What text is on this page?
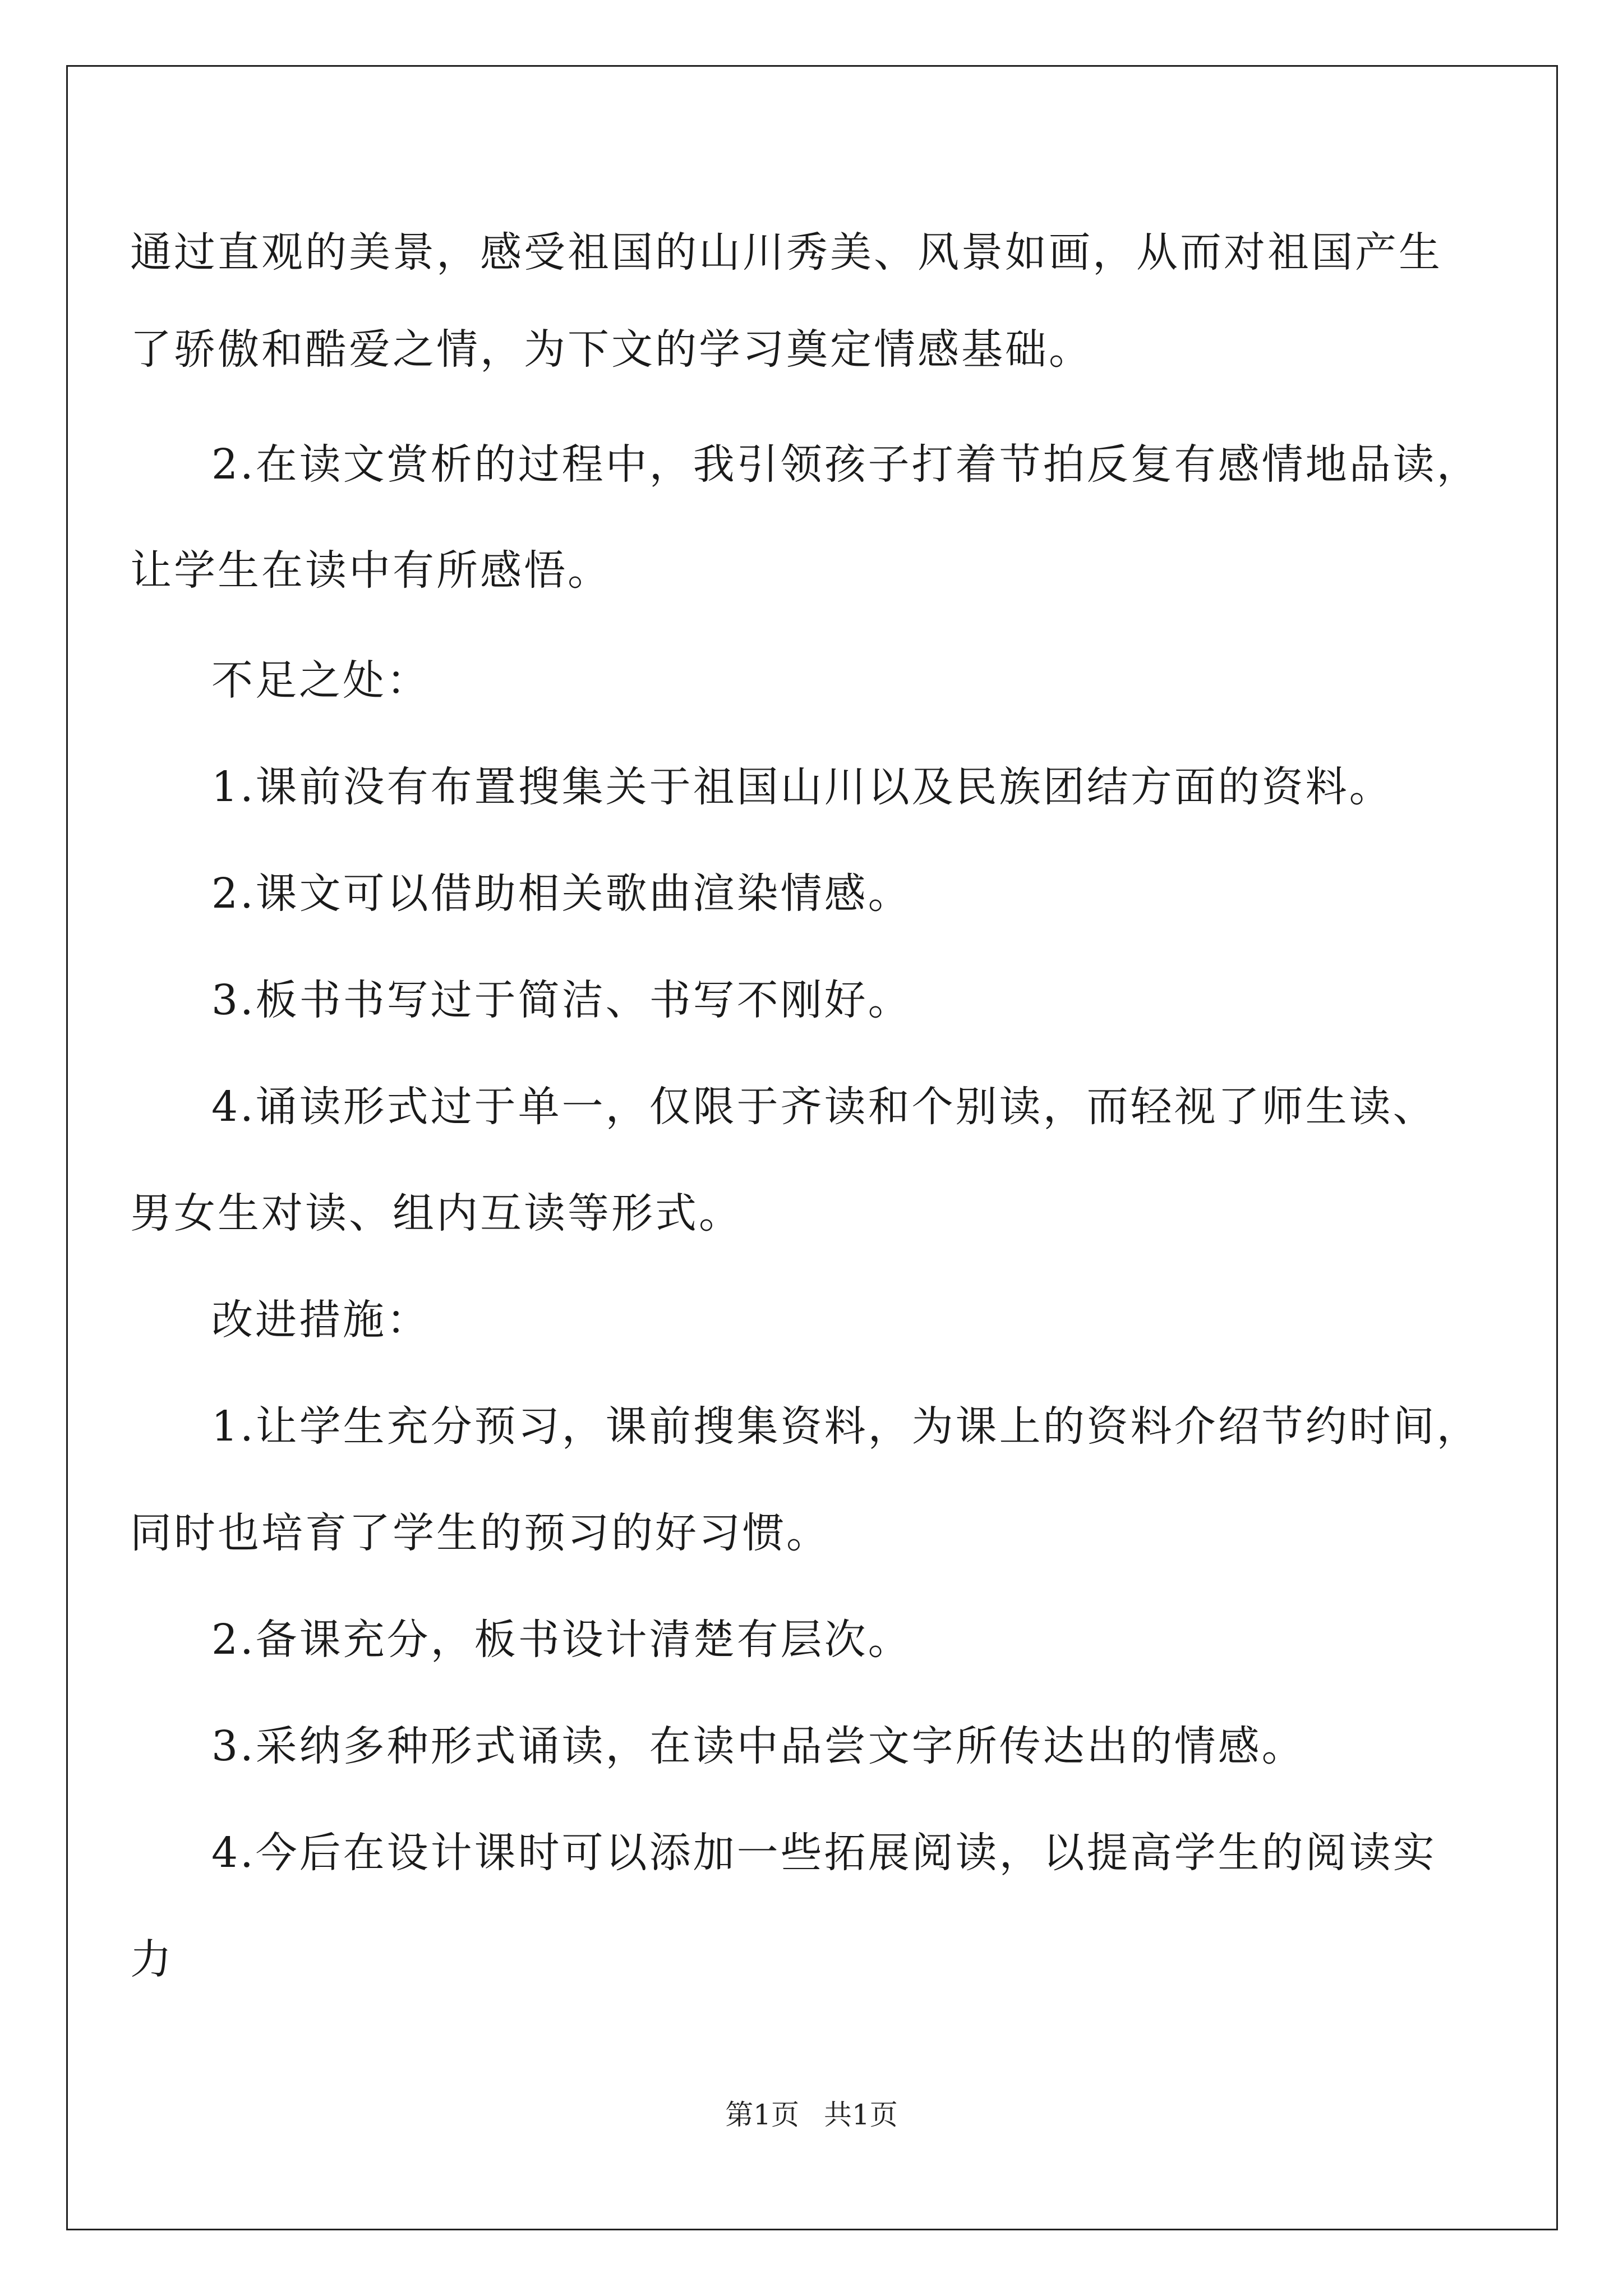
通过直观的美景，感受祖国的山川秀美、风景如画，从而对祖国产生
了骄傲和酷爱之情，为下文的学习奠定情感基础。
2.在读文赏析的过程中，我引领孩子打着节拍反复有感情地品读，
让学生在读中有所感悟。
不足之处：
1.课前没有布置搜集关于祖国山川以及民族团结方面的资料。
2.课文可以借助相关歌曲渲染情感。
3.板书书写过于简洁、书写不刚好。
4.诵读形式过于单一，仅限于齐读和个别读，而轻视了师生读、
男女生对读、组内互读等形式。
改进措施：
1.让学生充分预习，课前搜集资料，为课上的资料介绍节约时间，
同时也培育了学生的预习的好习惯。
2.备课充分，板书设计清楚有层次。
3.采纳多种形式诵读，在读中品尝文字所传达出的情感。
4.今后在设计课时可以添加一些拓展阅读，以提高学生的阅读实
力
第1页 共1页
